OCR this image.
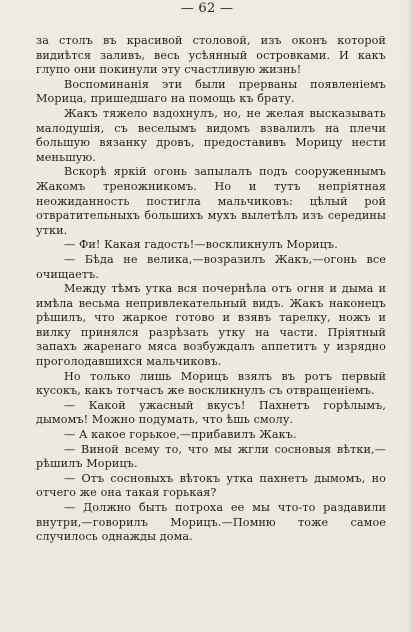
— 62 —

за столъ въ красивой столовой, изъ оконъ которой видиѣтся заливъ, весь усѣянный островками. И какъ глупо они покинули эту счастливую жизнь!

Воспоминанія эти были прерваны появленіемъ Морица, пришедшаго на помощь къ брату.

Жакъ тяжело вздохнулъ, но, не желая высказывать малодушія, съ веселымъ видомъ взвалилъ на плечи большую вязанку дровъ, предоставивъ Морицу нести меньшую.

Вскорѣ яркій огонь запылалъ подъ сооруженнымъ Жакомъ треножникомъ. Но и тутъ непріятная неожиданность постигла мальчиковъ: цѣлый рой отвратительныхъ большихъ мухъ вылетѣлъ изъ середины утки.

— Фи! Какая гадость!—воскликнулъ Морицъ.

— Бѣда не велика,—возразилъ Жакъ,—огонь все очищаетъ.

Между тѣмъ утка вся почернѣла отъ огня и дыма и имѣла весьма непривлекательный видъ. Жакъ наконецъ рѣшилъ, что жаркое готово и взявъ тарелку, ножъ и вилку принялся разрѣзать утку на части. Пріятный запахъ жаренаго мяса возбуждалъ аппетитъ у изрядно проголодавшихся мальчиковъ.

Но только лишь Морицъ взялъ въ ротъ первый кусокъ, какъ тотчасъ же воскликнулъ съ отвращеніемъ.

— Какой ужасный вкусъ! Пахнетъ горѣлымъ, дымомъ! Можно подумать, что ѣшь смолу.

— А какое горькое,—прибавилъ Жакъ.

— Виной всему то, что мы жгли сосновыя вѣтки,—рѣшилъ Морицъ.

— Отъ сосновыхъ вѣтокъ утка пахнетъ дымомъ, но отчего же она такая горькая?

— Должно быть потроха ее мы что-то раздавили внутри,—говорилъ Морицъ.—Помню тоже самое случилось однажды дома.
